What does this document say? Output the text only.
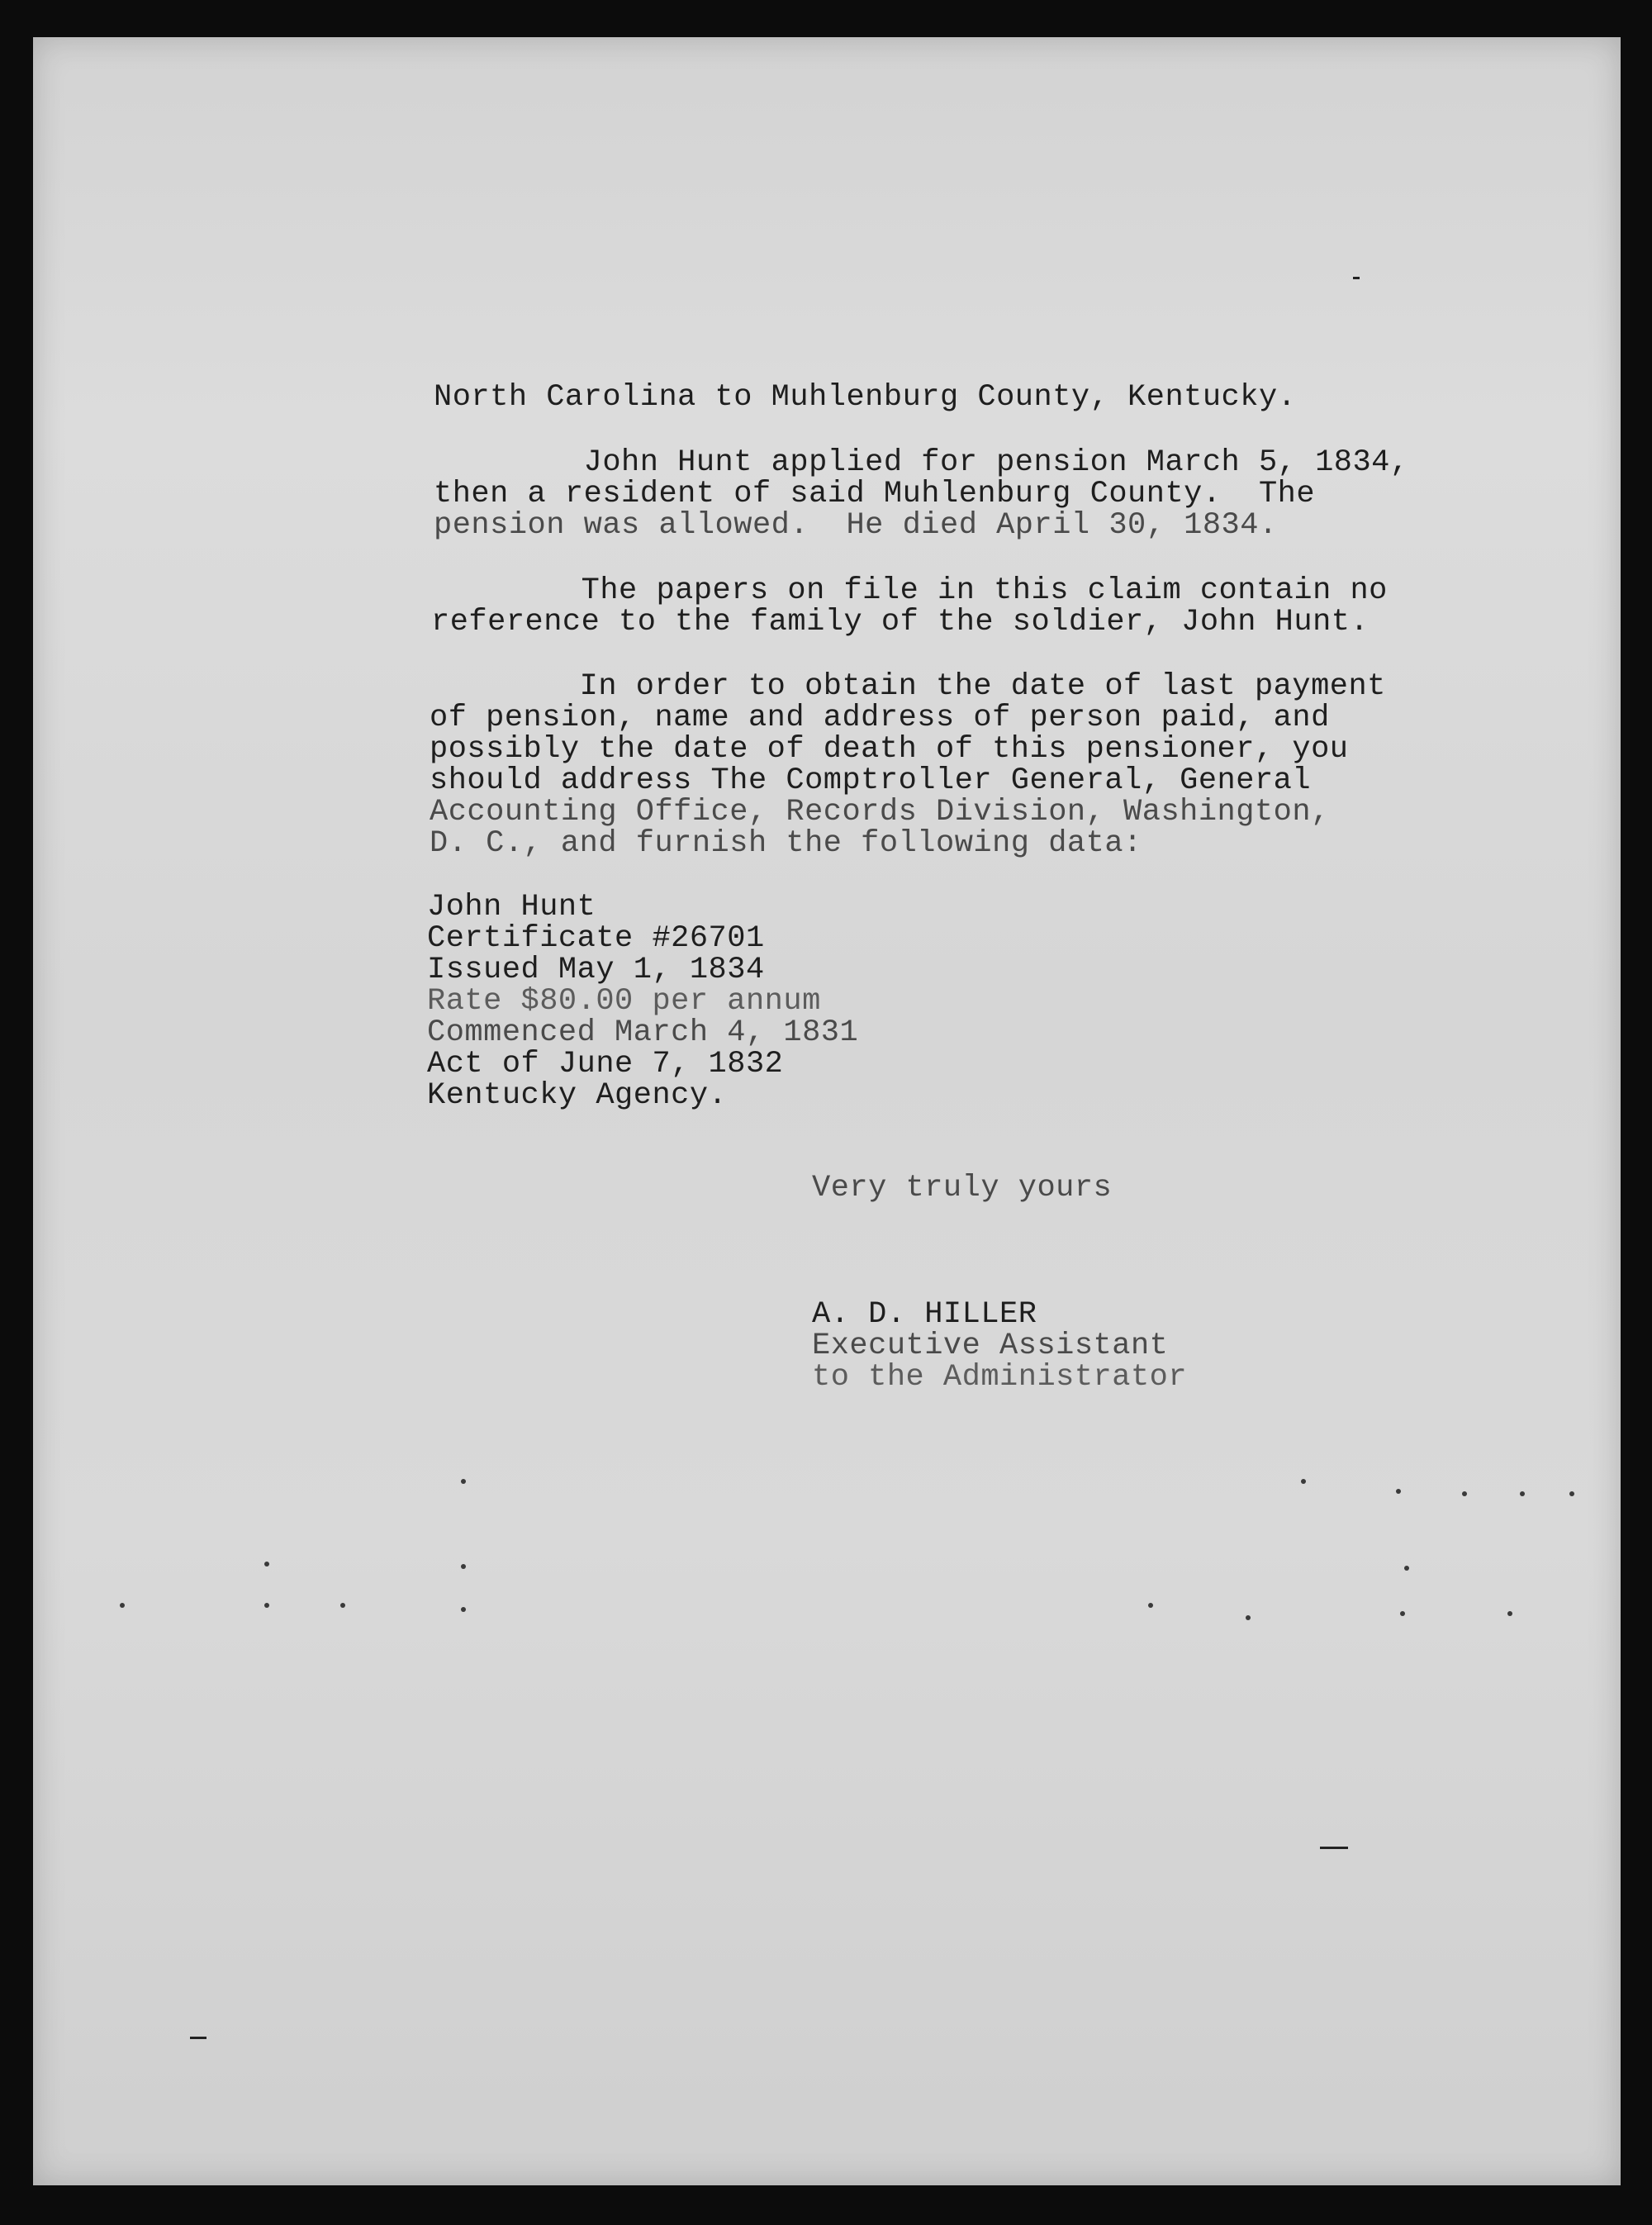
North Carolina to Muhlenburg County, Kentucky.
John Hunt applied for pension March 5, 1834,
then a resident of said Muhlenburg County.  The
pension was allowed.  He died April 30, 1834.
The papers on file in this claim contain no
reference to the family of the soldier, John Hunt.
In order to obtain the date of last payment
of pension, name and address of person paid, and
possibly the date of death of this pensioner, you
should address The Comptroller General, General
Accounting Office, Records Division, Washington,
D. C., and furnish the following data:
John Hunt
Certificate #26701
Issued May 1, 1834
Rate $80.00 per annum
Commenced March 4, 1831
Act of June 7, 1832
Kentucky Agency.
Very truly yours
A. D. HILLER
Executive Assistant
to the Administrator
